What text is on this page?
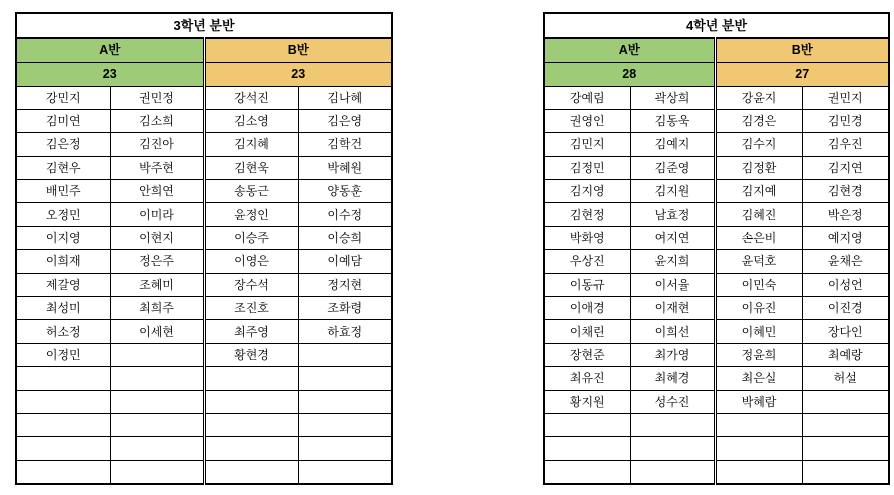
3학년 분반			
A반		B반	
23		23	
강민지	권민정	강석진	김나혜
김미연	김소희	김소영	김은영
김은정	김진아	김지혜	김학건
김현우	박주현	김현욱	박혜원
배민주	안희연	송동근	양동훈
오정민	이미라	윤정인	이수정
이지영	이현지	이승주	이승희
이희재	정은주	이영은	이예담
제갈영	조혜미	장수석	정지현
최성미	최희주	조진호	조화령
허소정	이세현	최주영	하효정
이정민		황현경	

4학년 분반			
A반		B반	
28		27	
강예림	곽상희	강윤지	권민지
권영인	김동욱	김경은	김민경
김민지	김예지	김수지	김우진
김정민	김준영	김정환	김지연
김지영	김지원	김지예	김현경
김현정	남효정	김혜진	박은정
박화영	여지연	손은비	예지영
우상진	윤지희	윤덕호	윤채은
이동규	이서율	이민숙	이성언
이애경	이재현	이유진	이진경
이채린	이희선	이혜민	장다인
장현준	최가영	정윤희	최예랑
최유진	최혜경	최은실	허설
황지원	성수진	박혜람	
